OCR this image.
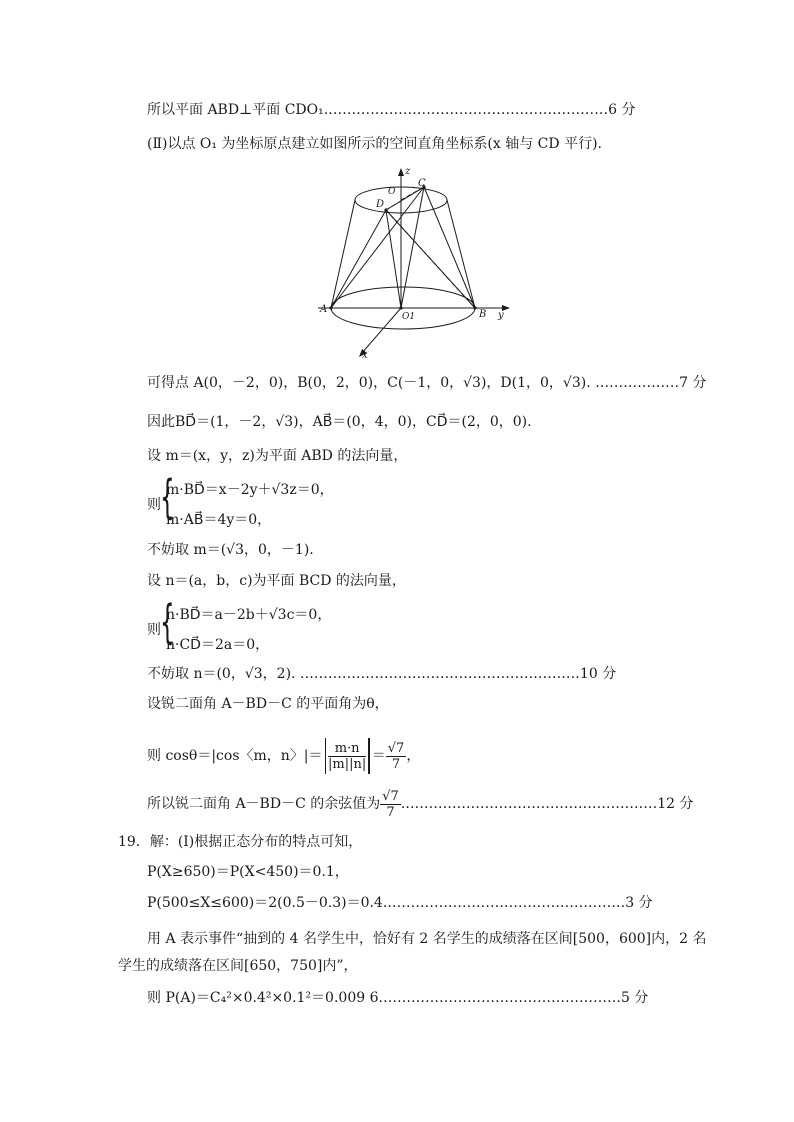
所以平面 ABD⊥平面 CDO₁.……………………………………………………6 分
(Ⅱ)以点 O₁ 为坐标原点建立如图所示的空间直角坐标系(x 轴与 CD 平行).
z
y
x
A	B
C
D
O
O1
可得点 A(0，－2，0)，B(0，2，0)，C(－1，0，√3)，D(1，0，√3). ………………7 分
因此BD⃗＝(1，－2，√3)，AB⃗＝(0，4，0)，CD⃗＝(2，0，0).
设 m＝(x，y，z)为平面 ABD 的法向量，
则 {
m·BD⃗＝x－2y＋√3z＝0，
m·AB⃗＝4y＝0，
不妨取 m＝(√3，0，－1).
设 n＝(a，b，c)为平面 BCD 的法向量，
则 {
n·BD⃗＝a－2b＋√3c＝0，
n·CD⃗＝2a＝0，
不妨取 n＝(0，√3，2). ……………………………………………………10 分
设锐二面角 A－BD－C 的平面角为θ，
则 cosθ＝|cos〈m，n〉|＝ $\frac{m\cdot n}{|m||n|} = \frac{√7}{7}$ ，
所以锐二面角 A－BD－C 的余弦值为 $\frac{√7}{7}$ .………………………………………………12 分
19．解：(Ⅰ)根据正态分布的特点可知，
P(X≥650)＝P(X<450)＝0.1，
P(500≤X≤600)＝2(0.5－0.3)＝0.4.……………………………………………3 分
用 A 表示事件“抽到的 4 名学生中，恰好有 2 名学生的成绩落在区间[500，600]内，2 名
学生的成绩落在区间[650，750]内”，
则 P(A)＝C₄²×0.4²×0.1²＝0.009 6.……………………………………………5 分
